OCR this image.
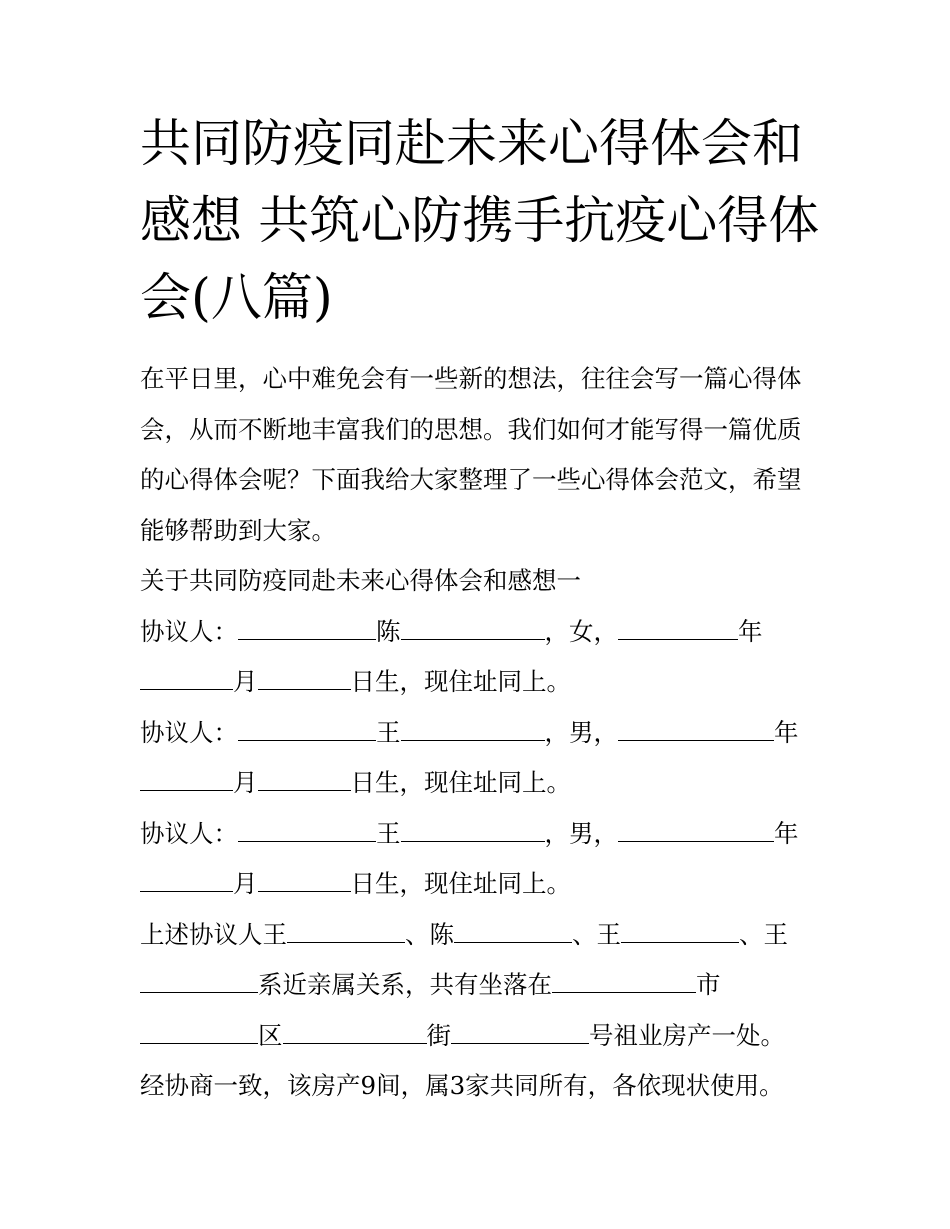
共同防疫同赴未来心得体会和
感想 共筑心防携手抗疫心得体
会(八篇)

在平日里，心中难免会有一些新的想法，往往会写一篇心得体

会，从而不断地丰富我们的思想。我们如何才能写得一篇优质

的心得体会呢？下面我给大家整理了一些心得体会范文，希望

能够帮助到大家。

关于共同防疫同赴未来心得体会和感想一

协议人：	陈	，女，	年

月	日生，现住址同上。

协议人：	王	，男，	年

月	日生，现住址同上。

协议人：	王	，男，	年

月	日生，现住址同上。

上述协议人王	、陈	、王	、王

系近亲属关系，共有坐落在	市

区	街	号祖业房产一处。

经协商一致，该房产9间，属3家共同所有，各依现状使用。
